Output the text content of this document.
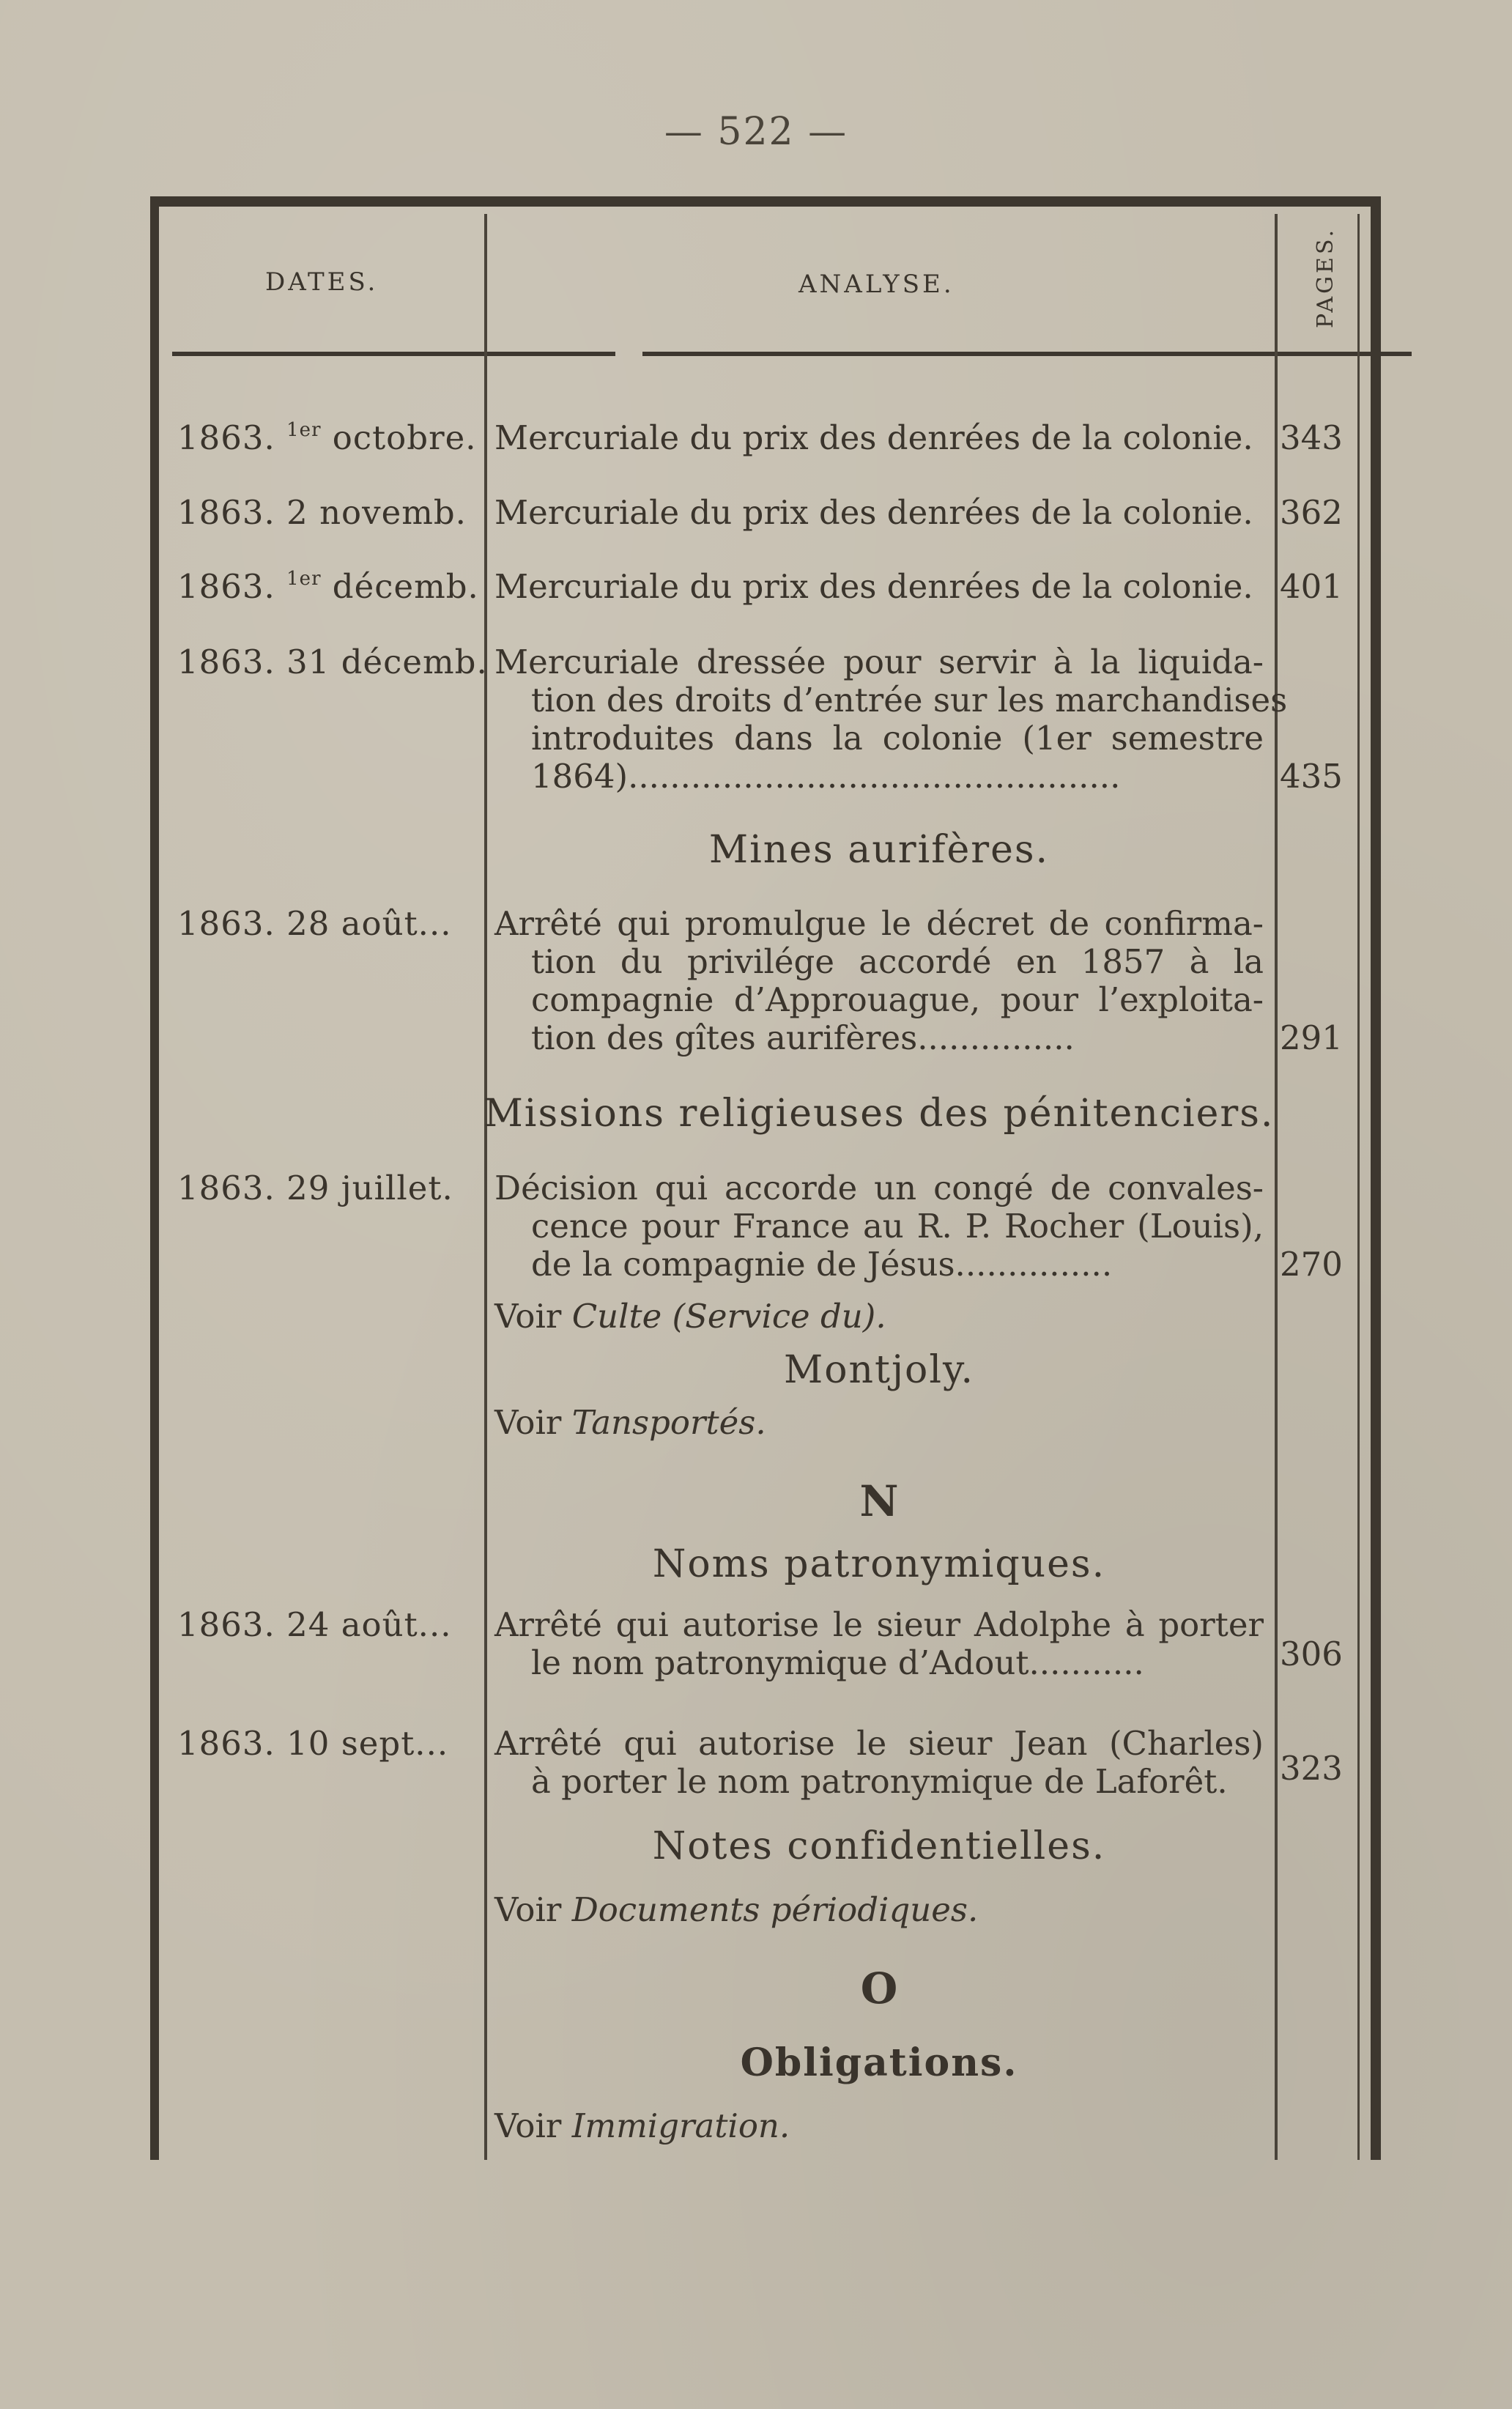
— 522 —
DATES.	ANALYSE.	PAGES.
1863. $^{1er}$ octobre. Mercuriale du prix des denrées de la colonie. 343
1863. 2 novemb. Mercuriale du prix des denrées de la colonie. 362
1863. $^{1er}$ décemb. Mercuriale du prix des denrées de la colonie. 401
1863. 31 décemb. Mercuriale dressée pour servir à la liquida-
tion des droits d’entrée sur les marchandises
introduites dans la colonie (1er semestre
1864)...............................................	435
Mines aurifères.
1863. 28 août...	Arrêté qui promulgue le décret de confirma-
tion du privilége accordé en 1857 à la
compagnie d’Approuague, pour l’exploita-
tion des gîtes aurifères...............	291
Missions religieuses des pénitenciers.
1863. 29 juillet.	Décision qui accorde un congé de convales-
cence pour France au R. P. Rocher (Louis),
de la compagnie de Jésus...............	270
Voir Culte (Service du).
Montjoly.
Voir Tansportés.
N
Noms patronymiques.
1863. 24 août...	Arrêté qui autorise le sieur Adolphe à porter
le nom patronymique d’Adout...........	306
1863. 10 sept...	Arrêté qui autorise le sieur Jean (Charles)
à porter le nom patronymique de Laforêt.	323
Notes confidentielles.
Voir Documents périodiques.
O
Obligations.
Voir Immigration.
